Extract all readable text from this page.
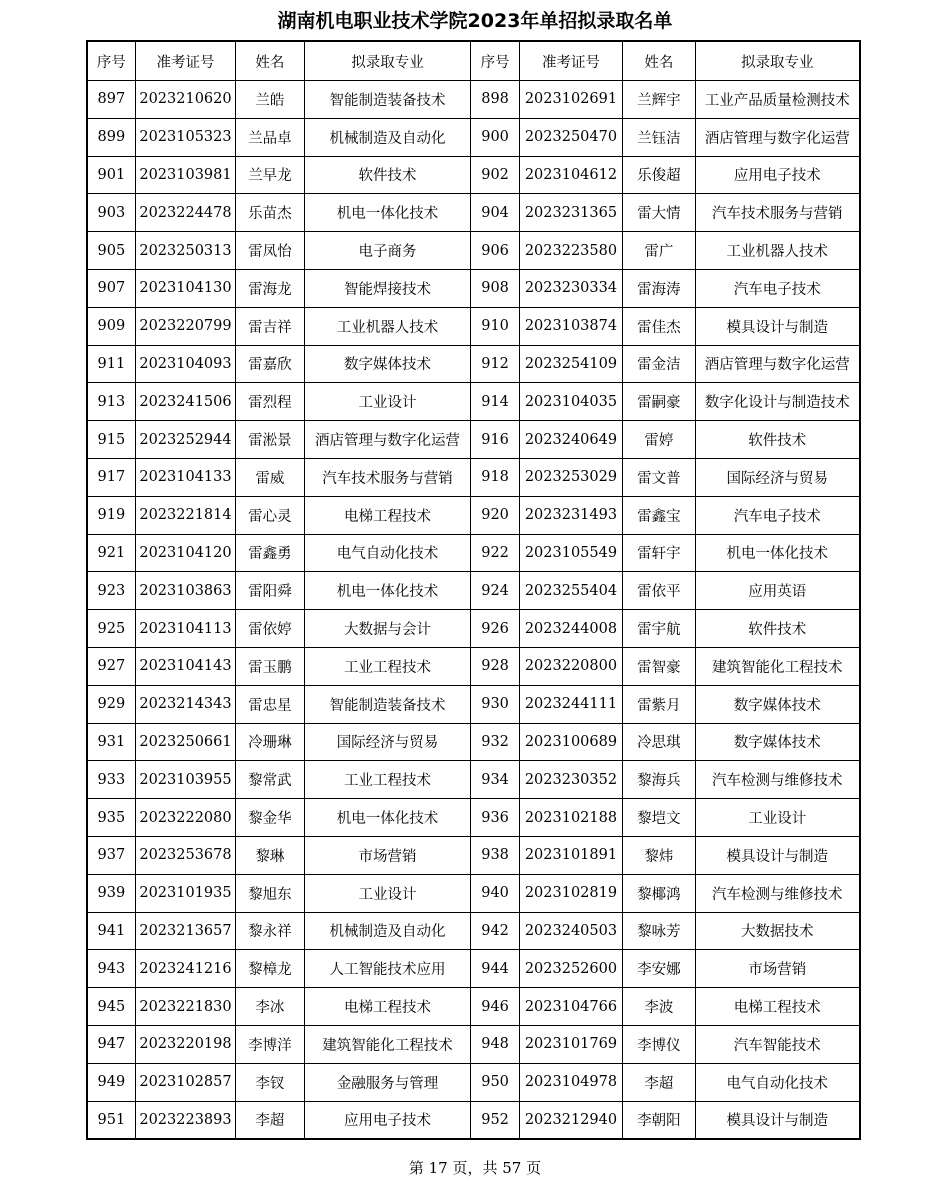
湖南机电职业技术学院2023年单招拟录取名单
序号	准考证号	姓名	拟录取专业	序号	准考证号	姓名	拟录取专业
897	2023210620	兰皓	智能制造装备技术	898	2023102691	兰辉宇	工业产品质量检测技术
899	2023105323	兰品卓	机械制造及自动化	900	2023250470	兰钰洁	酒店管理与数字化运营
901	2023103981	兰早龙	软件技术	902	2023104612	乐俊超	应用电子技术
903	2023224478	乐苗杰	机电一体化技术	904	2023231365	雷大情	汽车技术服务与营销
905	2023250313	雷凤怡	电子商务	906	2023223580	雷广	工业机器人技术
907	2023104130	雷海龙	智能焊接技术	908	2023230334	雷海涛	汽车电子技术
909	2023220799	雷吉祥	工业机器人技术	910	2023103874	雷佳杰	模具设计与制造
911	2023104093	雷嘉欣	数字媒体技术	912	2023254109	雷金洁	酒店管理与数字化运营
913	2023241506	雷烈程	工业设计	914	2023104035	雷嗣豪	数字化设计与制造技术
915	2023252944	雷淞景	酒店管理与数字化运营	916	2023240649	雷婷	软件技术
917	2023104133	雷威	汽车技术服务与营销	918	2023253029	雷文普	国际经济与贸易
919	2023221814	雷心灵	电梯工程技术	920	2023231493	雷鑫宝	汽车电子技术
921	2023104120	雷鑫勇	电气自动化技术	922	2023105549	雷轩宇	机电一体化技术
923	2023103863	雷阳舜	机电一体化技术	924	2023255404	雷依平	应用英语
925	2023104113	雷依婷	大数据与会计	926	2023244008	雷宇航	软件技术
927	2023104143	雷玉鹏	工业工程技术	928	2023220800	雷智豪	建筑智能化工程技术
929	2023214343	雷忠星	智能制造装备技术	930	2023244111	雷紫月	数字媒体技术
931	2023250661	冷珊琳	国际经济与贸易	932	2023100689	冷思琪	数字媒体技术
933	2023103955	黎常武	工业工程技术	934	2023230352	黎海兵	汽车检测与维修技术
935	2023222080	黎金华	机电一体化技术	936	2023102188	黎垲文	工业设计
937	2023253678	黎琳	市场营销	938	2023101891	黎炜	模具设计与制造
939	2023101935	黎旭东	工业设计	940	2023102819	黎椰鸿	汽车检测与维修技术
941	2023213657	黎永祥	机械制造及自动化	942	2023240503	黎咏芳	大数据技术
943	2023241216	黎樟龙	人工智能技术应用	944	2023252600	李安娜	市场营销
945	2023221830	李冰	电梯工程技术	946	2023104766	李波	电梯工程技术
947	2023220198	李博洋	建筑智能化工程技术	948	2023101769	李博仪	汽车智能技术
949	2023102857	李钗	金融服务与管理	950	2023104978	李超	电气自动化技术
951	2023223893	李超	应用电子技术	952	2023212940	李朝阳	模具设计与制造
第 17 页，共 57 页
